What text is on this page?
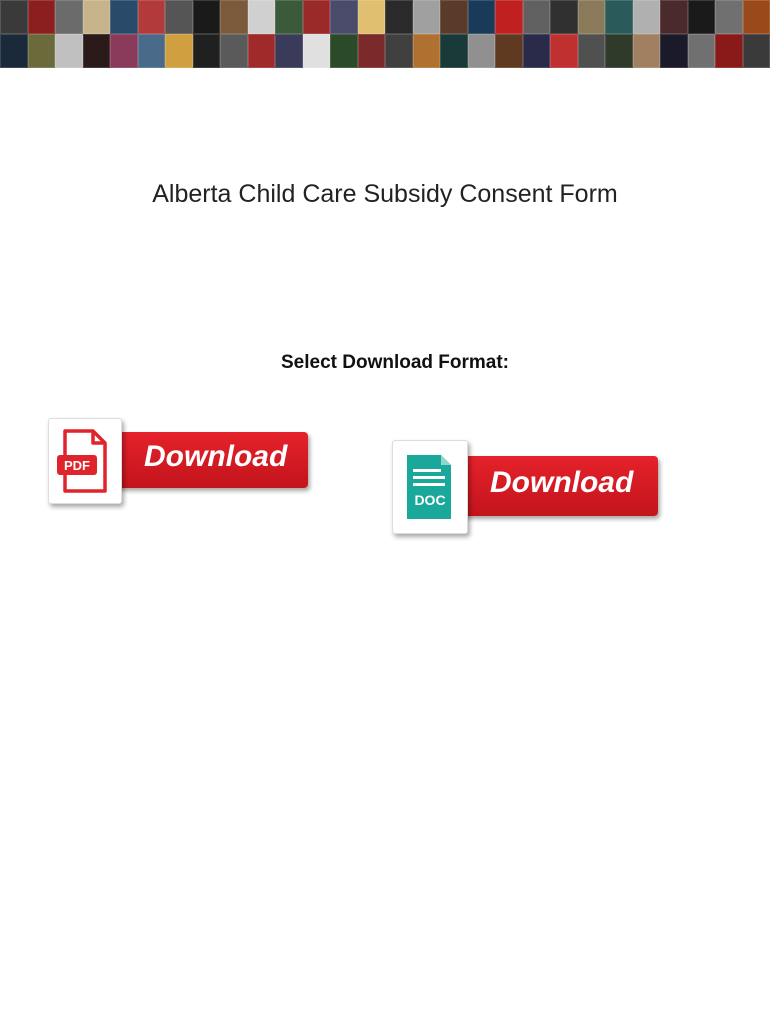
Alberta Child Care Subsidy Consent Form
Select Download Format:
Download
PDF
Download
DOC
